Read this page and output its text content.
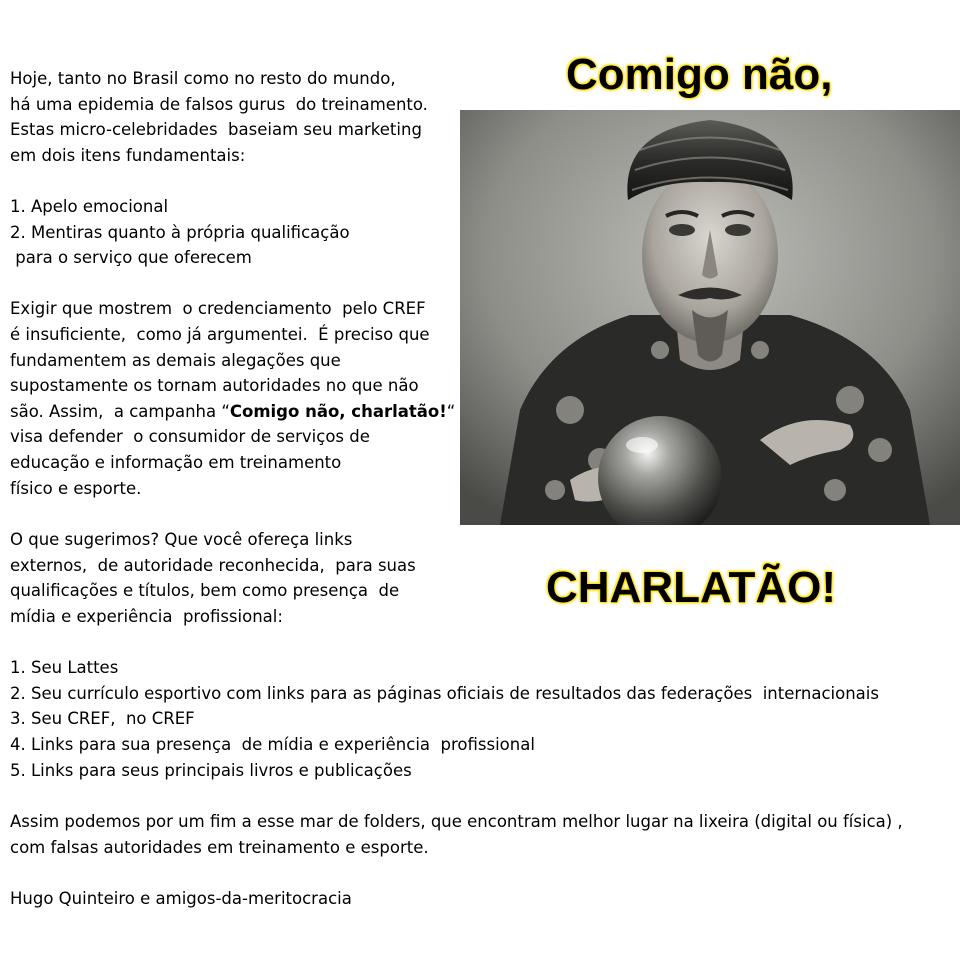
Comigo não,
CHARLATÃO!

Hoje, tanto no Brasil como no resto do mundo,

há uma epidemia de falsos gurus  do treinamento.

Estas micro-celebridades  baseiam seu marketing

em dois itens fundamentais:

1. Apelo emocional

2. Mentiras quanto à própria qualificação

para o serviço que oferecem

Exigir que mostrem  o credenciamento  pelo CREF

é insuficiente,  como já argumentei.  É preciso que

fundamentem as demais alegações que

supostamente os tornam autoridades no que não

são. Assim,  a campanha “Comigo não, charlatão!“

visa defender  o consumidor de serviços de

educação e informação em treinamento

físico e esporte.

O que sugerimos? Que você ofereça links

externos,  de autoridade reconhecida,  para suas

qualificações e títulos, bem como presença  de

mídia e experiência  profissional:

1. Seu Lattes

2. Seu currículo esportivo com links para as páginas oficiais de resultados das federações  internacionais

3. Seu CREF,  no CREF

4. Links para sua presença  de mídia e experiência  profissional

5. Links para seus principais livros e publicações

Assim podemos por um fim a esse mar de folders, que encontram melhor lugar na lixeira (digital ou física) ,

com falsas autoridades em treinamento e esporte.

Hugo Quinteiro e amigos-da-meritocracia
